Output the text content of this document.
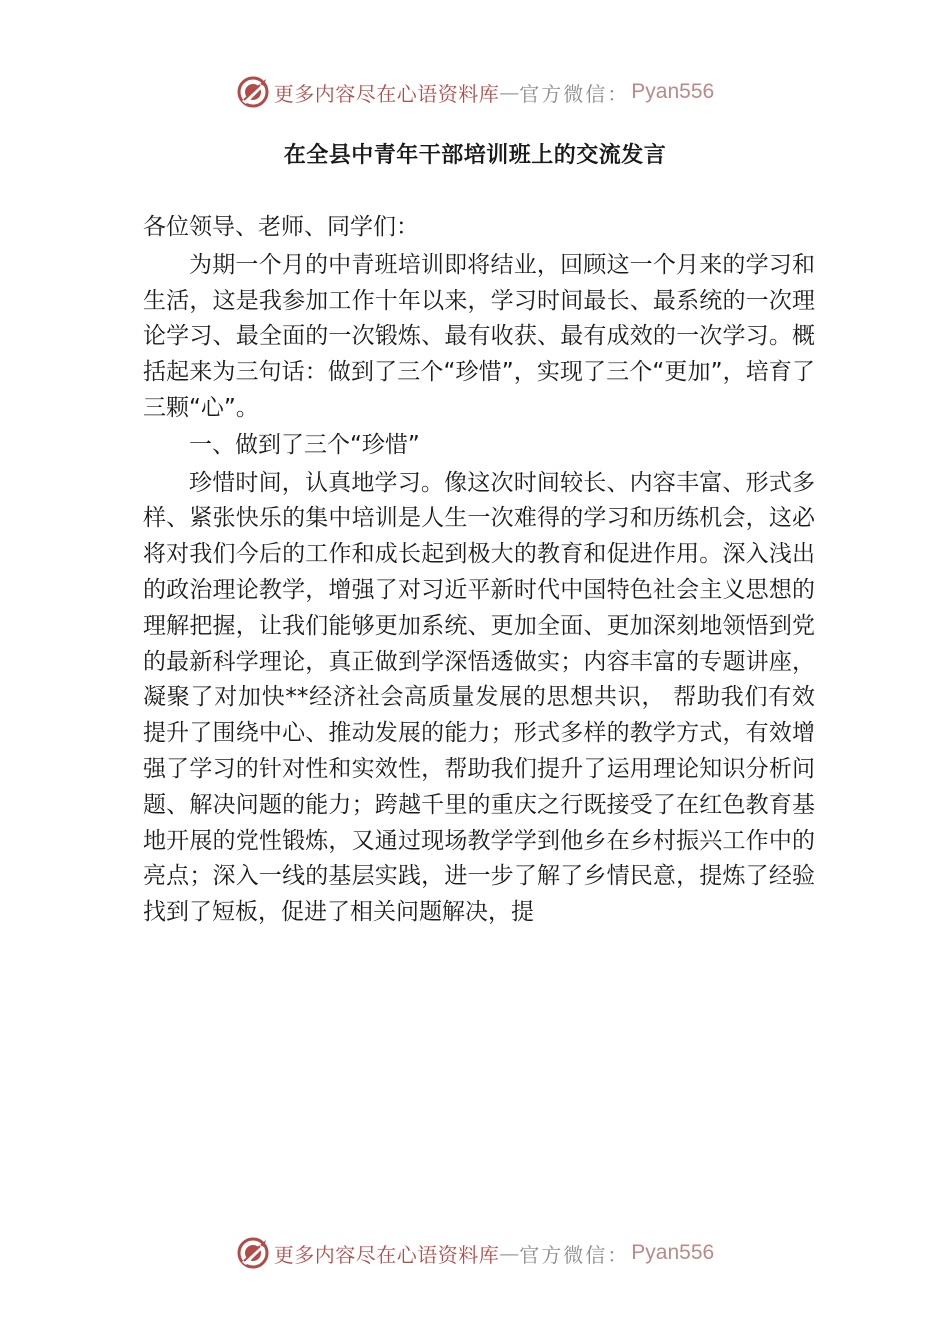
更多内容尽在心语资料库 — 官方微信： Pyan556
在全县中青年干部培训班上的交流发言

各位领导、老师、同学们：

为期一个月的中青班培训即将结业，回顾这一个月来的学习和生活，这是我参加工作十年以来，学习时间最长、最系统的一次理论学习、最全面的一次锻炼、最有收获、最有成效的一次学习。概括起来为三句话：做到了三个“珍惜”，实现了三个“更加”，培育了三颗“心”。

一、做到了三个“珍惜”

珍惜时间，认真地学习。像这次时间较长、内容丰富、形式多样、紧张快乐的集中培训是人生一次难得的学习和历练机会，这必将对我们今后的工作和成长起到极大的教育和促进作用。深入浅出的政治理论教学，增强了对习近平新时代中国特色社会主义思想的理解把握，让我们能够更加系统、更加全面、更加深刻地领悟到党的最新科学理论，真正做到学深悟透做实；内容丰富的专题讲座，凝聚了对加快**经济社会高质量发展的思想共识， 帮助我们有效提升了围绕中心、推动发展的能力；形式多样的教学方式，有效增强了学习的针对性和实效性，帮助我们提升了运用理论知识分析问题、解决问题的能力；跨越千里的重庆之行既接受了在红色教育基地开展的党性锻炼，又通过现场教学学到他乡在乡村振兴工作中的亮点；深入一线的基层实践，进一步了解了乡情民意，提炼了经验找到了短板，促进了相关问题解决，提

更多内容尽在心语资料库 — 官方微信： Pyan556
